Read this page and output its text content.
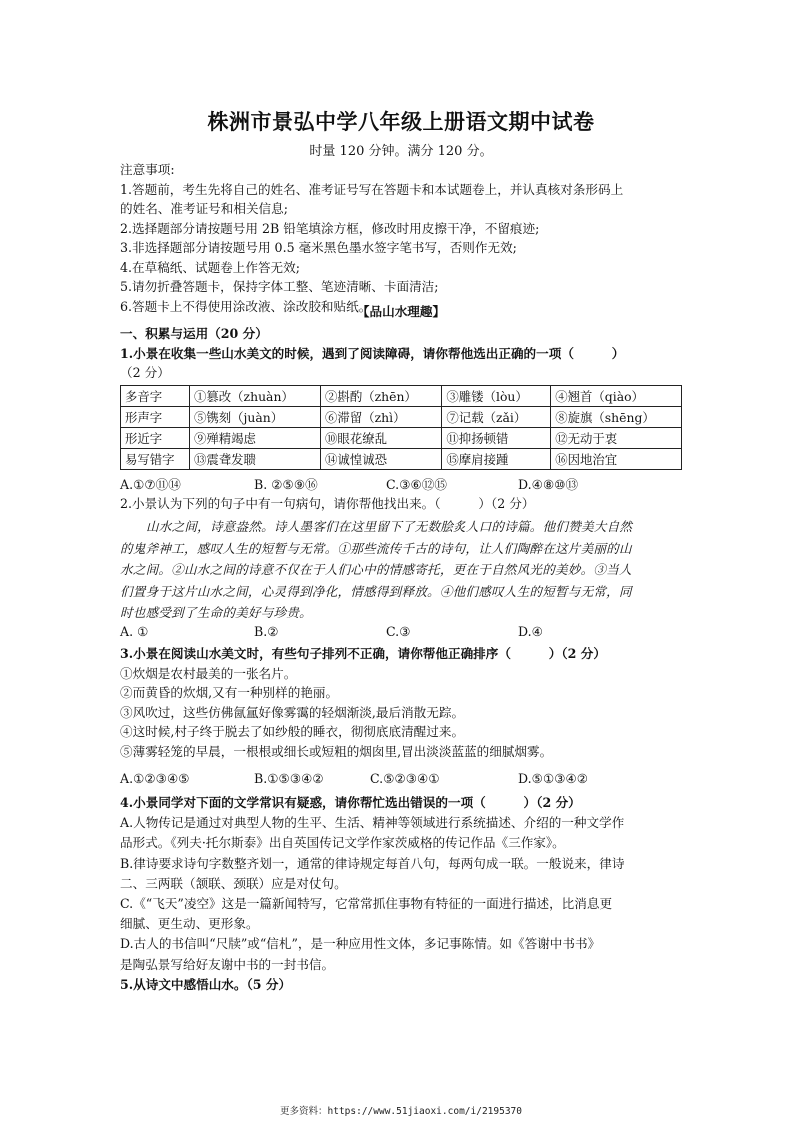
株洲市景弘中学八年级上册语文期中试卷
时量 120 分钟。满分 120 分。
注意事项:
1.答题前，考生先将自己的姓名、准考证号写在答题卡和本试题卷上，并认真核对条形码上
的姓名、准考证号和相关信息;
2.选择题部分请按题号用 2B 铅笔填涂方框，修改时用皮擦干净，不留痕迹;
3.非选择题部分请按题号用 0.5 毫米黑色墨水签字笔书写，否则作无效;
4.在草稿纸、试题卷上作答无效;
5.请勿折叠答题卡，保持字体工整、笔迹清晰、卡面清洁;
6.答题卡上不得使用涂改液、涂改胶和贴纸。
【品山水理趣】
一、积累与运用（20 分）
1.小景在收集一些山水美文的时候，遇到了阅读障碍，请你帮他选出正确的一项（　　　）
（2 分）
多音字	①篡改（zhuàn）	②斟酌（zhēn）	③雕镂（lòu）	④翘首（qiào）
形声字	⑤镌刻（juàn）	⑥滞留（zhì）	⑦记载（zǎi）	⑧旋旗（shēng）
形近字	⑨殚精竭虑	⑩眼花缭乱	⑪抑扬顿错	⑫无动于衷
易写错字	⑬震聋发聩	⑭诚惶诚恐	⑮摩肩接踵	⑯因地治宜
A.①⑦⑪⑭	B. ②⑤⑨⑯	C.③⑥⑫⑮	D.④⑧⑩⑬
2.小景认为下列的句子中有一句病句，请你帮他找出来。（　　　）（2 分）
山水之间，诗意盎然。诗人墨客们在这里留下了无数脍炙人口的诗篇。他们赞美大自然
的鬼斧神工，感叹人生的短暂与无常。①那些流传千古的诗句，让人们陶醉在这片美丽的山
水之间。②山水之间的诗意不仅在于人们心中的情感寄托，更在于自然风光的美妙。③当人
们置身于这片山水之间，心灵得到净化，情感得到释放。④他们感叹人生的短暂与无常，同
时也感受到了生命的美好与珍贵。
A. ①	B.②	C.③	D.④
3.小景在阅读山水美文时，有些句子排列不正确，请你帮他正确排序（　　　）（2 分）
①炊烟是农村最美的一张名片。
②而黄昏的炊烟,又有一种别样的艳丽。
③风吹过，这些仿佛氤氲好像雾霭的轻烟渐淡,最后消散无踪。
④这时候,村子终于脱去了如纱般的睡衣，彻彻底底清醒过来。
⑤薄雾轻笼的早晨，一根根或细长或短粗的烟囱里,冒出淡淡蓝蓝的细腻烟雾。
A.①②③④⑤	B.①⑤③④②	C.⑤②③④①	D.⑤①③④②
4.小景同学对下面的文学常识有疑惑，请你帮忙选出错误的一项（　　　）（2 分）
A.人物传记是通过对典型人物的生平、生活、精神等领域进行系统描述、介绍的一种文学作
品形式。《列夫·托尔斯泰》出自英国传记文学作家茨威格的传记作品《三作家》。
B.律诗要求诗句字数整齐划一，通常的律诗规定每首八句，每两句成一联。一般说来，律诗
二、三两联（颔联、颈联）应是对仗句。
C.《“飞天”凌空》这是一篇新闻特写，它常常抓住事物有特征的一面进行描述，比消息更
细腻、更生动、更形象。
D.古人的书信叫“尺牍”或“信札”，是一种应用性文体，多记事陈情。如《答谢中书书》
是陶弘景写给好友谢中书的一封书信。
5.从诗文中感悟山水。（5 分）
更多资料：https://www.51jiaoxi.com/i/2195370
